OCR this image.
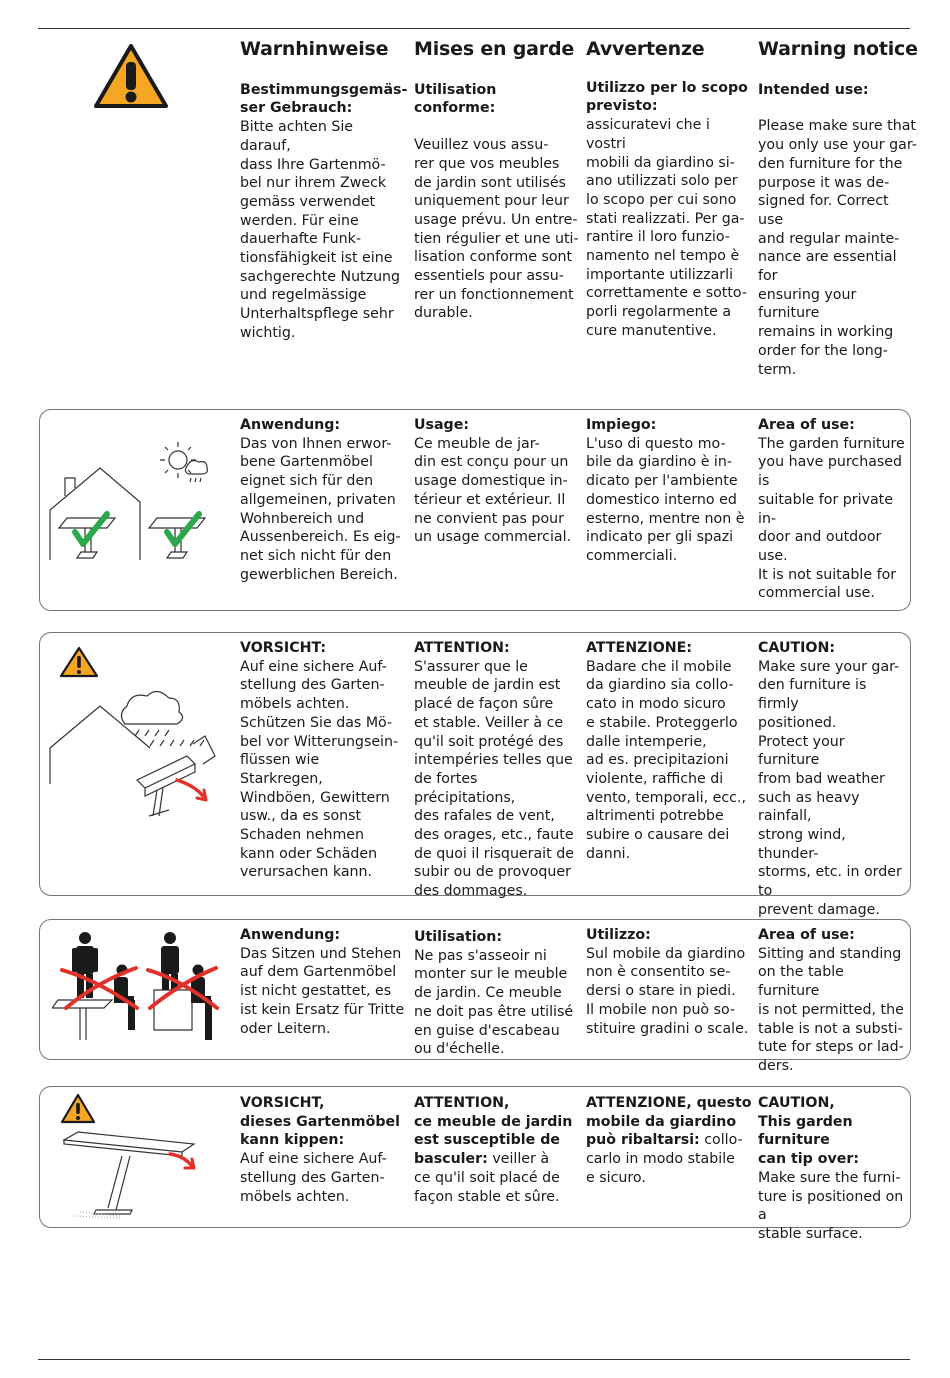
Warnhinweise

Bestimmungsgemäs-
ser Gebrauch:

Bitte achten Sie darauf,
dass Ihre Gartenmö-
bel nur ihrem Zweck
gemäss verwendet
werden. Für eine
dauerhafte Funk-
tionsfähigkeit ist eine
sachgerechte Nutzung
und regelmässige
Unterhaltspflege sehr
wichtig.

Mises en garde

Utilisation conforme:

Veuillez vous assu-
rer que vos meubles
de jardin sont utilisés
uniquement pour leur
usage prévu. Un entre-
tien régulier et une uti-
lisation conforme sont
essentiels pour assu-
rer un fonctionnement
durable.

Avvertenze

Utilizzo per lo scopo
previsto:

assicuratevi che i vostri
mobili da giardino si-
ano utilizzati solo per
lo scopo per cui sono
stati realizzati. Per ga-
rantire il loro funzio-
namento nel tempo è
importante utilizzarli
correttamente e sotto-
porli regolarmente a
cure manutentive.

Warning notice

Intended use:

Please make sure that
you only use your gar-
den furniture for the
purpose it was de-
signed for. Correct use
and regular mainte-
nance are essential for
ensuring your furniture
remains in working
order for the long-
term.

Anwendung:

Das von Ihnen erwor-
bene Gartenmöbel
eignet sich für den
allgemeinen, privaten
Wohnbereich und
Aussenbereich. Es eig-
net sich nicht für den
gewerblichen Bereich.

Usage:

Ce meuble de jar-
din est conçu pour un
usage domestique in-
térieur et extérieur. Il
ne convient pas pour
un usage commercial.

Impiego:

L'uso di questo mo-
bile da giardino è in-
dicato per l'ambiente
domestico interno ed
esterno, mentre non è
indicato per gli spazi
commerciali.

Area of use:

The garden furniture
you have purchased is
suitable for private in-
door and outdoor use.
It is not suitable for
commercial use.

VORSICHT:

Auf eine sichere Auf-
stellung des Garten-
möbels achten.
Schützen Sie das Mö-
bel vor Witterungsein-
flüssen wie Starkregen,
Windböen, Gewittern
usw., da es sonst
Schaden nehmen
kann oder Schäden
verursachen kann.

ATTENTION:

S'assurer que le
meuble de jardin est
placé de façon sûre
et stable. Veiller à ce
qu'il soit protégé des
intempéries telles que
de fortes précipitations,
des rafales de vent,
des orages, etc., faute
de quoi il risquerait de
subir ou de provoquer
des dommages.

ATTENZIONE:

Badare che il mobile
da giardino sia collo-
cato in modo sicuro
e stabile. Proteggerlo
dalle intemperie,
ad es. precipitazioni
violente, raffiche di
vento, temporali, ecc.,
altrimenti potrebbe
subire o causare dei
danni.

CAUTION:

Make sure your gar-
den furniture is firmly
positioned.
Protect your furniture
from bad weather
such as heavy rainfall,
strong wind, thunder-
storms, etc. in order to
prevent damage.

Anwendung:

Das Sitzen und Stehen
auf dem Gartenmöbel
ist nicht gestattet, es
ist kein Ersatz für Tritte
oder Leitern.

Utilisation:

Ne pas s'asseoir ni
monter sur le meuble
de jardin. Ce meuble
ne doit pas être utilisé
en guise d'escabeau
ou d'échelle.

Utilizzo:

Sul mobile da giardino
non è consentito se-
dersi o stare in piedi.
Il mobile non può so-
stituire gradini o scale.

Area of use:

Sitting and standing
on the table furniture
is not permitted, the
table is not a substi-
tute for steps or lad-
ders.

VORSICHT,
dieses Gartenmöbel
kann kippen:

Auf eine sichere Auf-
stellung des Garten-
möbels achten.

ATTENTION,
ce meuble de jardin
est susceptible de
basculer: veiller à
ce qu'il soit placé de
façon stable et sûre.

ATTENZIONE, questo
mobile da giardino
può ribaltarsi: collo-
carlo in modo stabile
e sicuro.

CAUTION,
This garden furniture
can tip over:

Make sure the furni-
ture is positioned on a
stable surface.
